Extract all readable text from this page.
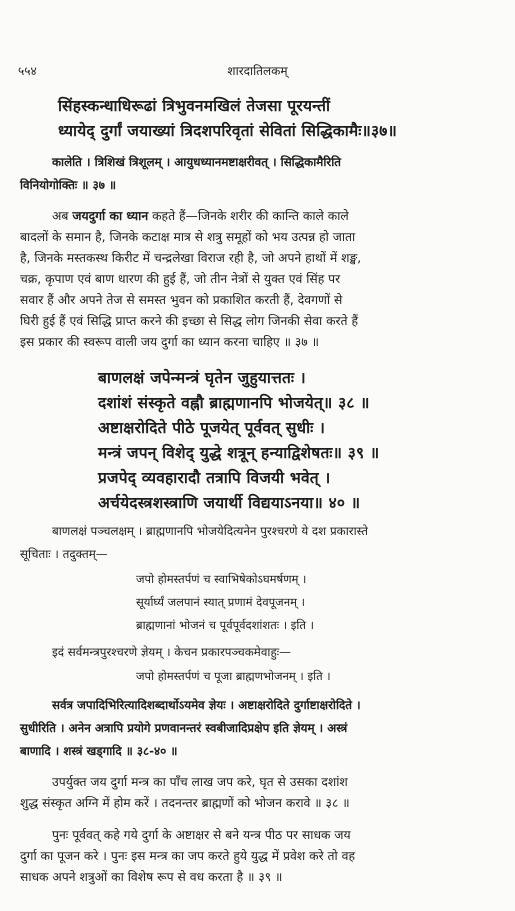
५५४	शारदातिलकम्
सिंहस्कन्धाधिरूढां त्रिभुवनमखिलं तेजसा पूरयन्तीं
ध्यायेद् दुर्गां जयाख्यां त्रिदशपरिवृतां सेवितां सिद्धिकामैः॥३७॥
कालेति । त्रिशिखं त्रिशूलम् । आयुधध्यानमष्टाक्षरीवत् । सिद्धिकामैरिति
विनियोगोक्तिः ॥ ३७ ॥
अब जयदुर्गा का ध्यान कहते हैं—जिनके शरीर की कान्ति काले काले
बादलों के समान है, जिनके कटाक्ष मात्र से शत्रु समूहों को भय उत्पन्न हो जाता
है, जिनके मस्तकस्थ किरीट में चन्द्रलेखा विराज रही है, जो अपने हाथों में शङ्ख,
चक्र, कृपाण एवं बाण धारण की हुई हैं, जो तीन नेत्रों से युक्त एवं सिंह पर
सवार हैं और अपने तेज से समस्त भुवन को प्रकाशित करती हैं, देवगणों से
घिरी हुई हैं एवं सिद्धि प्राप्त करने की इच्छा से सिद्ध लोग जिनकी सेवा करते हैं
इस प्रकार की स्वरूप वाली जय दुर्गा का ध्यान करना चाहिए ॥ ३७ ॥
बाणलक्षं जपेन्मन्त्रं घृतेन जुहुयात्ततः ।
दशांशं संस्कृते वह्नौ ब्राह्मणानपि भोजयेत्॥ ३८ ॥
अष्टाक्षरोदिते पीठे पूजयेत् पूर्ववत् सुधीः ।
मन्त्रं जपन् विशेद् युद्धे शत्रून् हन्याद्विशेषतः॥ ३९ ॥
प्रजपेद् व्यवहारादौ तत्रापि विजयी भवेत् ।
अर्चयेदस्त्रशस्त्राणि जयार्थी विद्ययाऽनया॥ ४० ॥
बाणलक्षं पञ्चलक्षम् । ब्राह्मणानपि भोजयेदित्यनेन पुरश्चरणे ये दश प्रकारास्ते
सूचिताः । तदुक्तम्—
जपो होमस्तर्पणं च स्वाभिषेकोऽघमर्षणम् ।
सूर्यार्घ्यं जलपानं स्यात् प्रणामं देवपूजनम् ।
ब्राह्मणानां भोजनं च पूर्वपूर्वदशांशतः । इति ।
इदं सर्वमन्त्रपुरश्चरणे ज्ञेयम् । केचन प्रकारपञ्चकमेवाहुः—
जपो होमस्तर्पणं च पूजा ब्राह्मणभोजनम् । इति ।
सर्वत्र जपादिभिरित्यादिशब्दार्थोऽयमेव ज्ञेयः । अष्टाक्षरोदिते दुर्गाष्टाक्षरोदिते ।
सुधीरिति । अनेन अत्रापि प्रयोगे प्रणवानन्तरं स्वबीजादिप्रक्षेप इति ज्ञेयम् । अस्त्रं
बाणादि । शस्त्रं खड्गादि ॥ ३८-४० ॥
उपर्युक्त जय दुर्गा मन्त्र का पाँच लाख जप करे, घृत से उसका दशांश
शुद्ध संस्कृत अग्नि में होम करें । तदनन्तर ब्राह्मणों को भोजन करावे ॥ ३८ ॥
पुनः पूर्ववत् कहे गये दुर्गा के अष्टाक्षर से बने यन्त्र पीठ पर साधक जय
दुर्गा का पूजन करे । पुनः इस मन्त्र का जप करते हुये युद्ध में प्रवेश करे तो वह
साधक अपने शत्रुओं का विशेष रूप से वध करता है ॥ ३९ ॥
